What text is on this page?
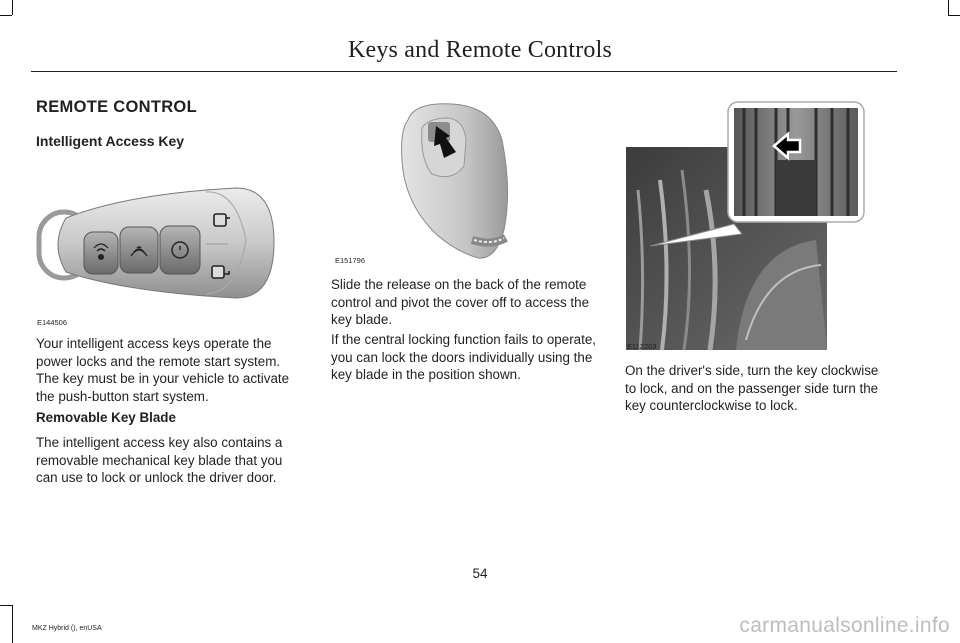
Keys and Remote Controls
REMOTE CONTROL
Intelligent Access Key
E144506
Your intelligent access keys operate the
power locks and the remote start system.
The key must be in your vehicle to activate
the push-button start system.
Removable Key Blade
The intelligent access key also contains a
removable mechanical key blade that you
can use to lock or unlock the driver door.
E151796
Slide the release on the back of the remote
control and pivot the cover off to access the
key blade.
If the central locking function fails to operate,
you can lock the doors individually using the
key blade in the position shown.
E112203
On the driver's side, turn the key clockwise
to lock, and on the passenger side turn the
key counterclockwise to lock.
54
MKZ Hybrid (), enUSA	carmanualsonline.info
